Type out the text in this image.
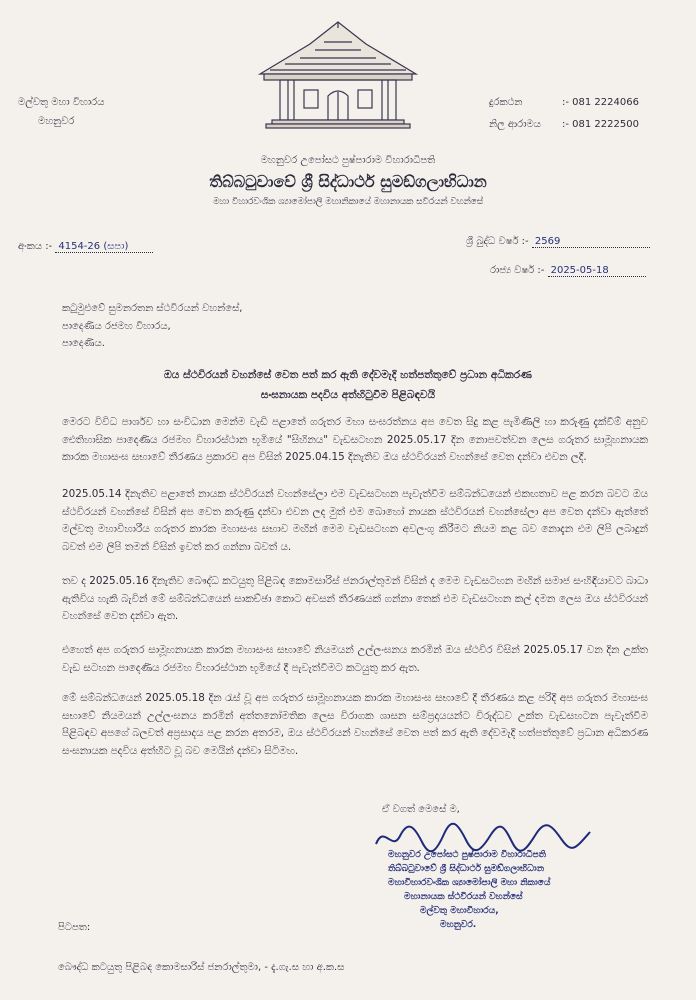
මල්වතු මහා විහාරය
මහනුවර
දුරකථන	:- 081 2224066
නිල ආරාමය :- 081 2222500
මහනුවර උපෝසථ පුෂ්පාරාම විහාරාධිපති
තිබ්බටුවාවේ ශ්‍රී සිද්ධාර්ථ සුමඞ්ගලාභිධාන
මහා විහාරවංශික ශ්‍යාමෝපාලි මහානිකායේ මහානායක සවිරයන් වහන්සේ
අංකය :- 4154-26 (සපා)	ශ්‍රී බුද්ධ වර්ෂ :- 2569
රාජ්‍ය වර්ෂ :- 2025-05-18
කටුමුළුවේ සුමනරතන ස්ථවිරයන් වහන්සේ,
පාදෙණිය රජමහ විහාරය,
පාදෙණිය.
ඔය ස්ථවිරයන් වහන්සේ වෙත පත් කර ඇති දේවමැදි හත්පත්තුවේ ප්‍රධාන අධිකරණ
සංඝනායක පදවිය අත්හිටුවීම පිළිබඳවයි
මෙරට විවිධ පාර්ශව හා සංවිධාන මෙන්ම වැඩි පළාතේ ගරුතර මහා සංඝරත්නය අප වෙත සිදු කළ පැමිණිලි හා කරුණු දැක්වීම් අනුව ඓතිහාසික පාදෙණිය රජමහ විහාරස්ථාන භූමියේ "සිහිනය" වැඩසටහන 2025.05.17 දින නොපවත්වන ලෙස ගරුතර සාමූහනායක කාරක මහාසංඝ සභාවේ තීරණය ප්‍රකාරව අප විසින් 2025.04.15 දිනැතිව ඔය ස්ථවිරයන් වහන්සේ වෙත දන්වා එවන ලදී.
2025.05.14 දිනැතිව පළාතේ නායක ස්ථවිරයන් වහන්සේලා එම වැඩසටහන පැවැත්වීම සම්බන්ධයෙන් එකඟතාව පළ කරන බවට ඔය ස්ථවිරයන් වහන්සේ විසින් අප වෙත කරුණු දන්වා එවන ලද මුත් එම බොහෝ නායක ස්ථවිරයන් වහන්සේලා අප වෙත දන්වා ඇත්තේ මල්වතු මහාවිහාරීය ගරුතර කාරක මහාසංඝ සභාව මඟින් මෙම වැඩසටහන අවලංගු කිරීමට නියම කළ බව නොදැන එම ලිපි ලබාදුන් බවත් එම ලිපි තමන් විසින් ඉවත් කර ගන්නා බවත් ය.
තව ද 2025.05.16 දිනැතිව බෞද්ධ කටයුතු පිළිබඳ කොමසාරිස් ජනරාල්තුමන් විසින් ද මෙම වැඩසටහන මඟින් සමාජ සංහිඳියාවට බාධා ඇතිවිය හැකි බැවින් මේ සම්බන්ධයෙන් සාකච්ඡා කොට අවසන් තීරණයක් ගන්නා තෙක් එම වැඩසටහන කල් දමන ලෙස ඔය ස්ථවිරයන් වහන්සේ වෙත දන්වා ඇත.
එහෙත් අප ගරුතර සාමූහනායක කාරක මහාසංඝ සභාවේ නියමයන් උල්ලංඝනය කරමින් ඔය ස්ථවිර විසින් 2025.05.17 වන දින උක්ත වැඩ සටහන පාදෙණිය රජමහ විහාරස්ථාන භූමියේ දී පැවැත්වීමට කටයුතු කර ඇත.
මේ සම්බන්ධයෙන් 2025.05.18 දින රැස් වූ අප ගරුතර සාමූහනායක කාරක මහාසංඝ සභාවේ දී තීරණය කළ පරිදි අප ගරුතර මහාසංඝ සභාවේ නියමයන් උල්ලංඝනය කරමින් අත්තනෝමතික ලෙස විරාගක ශාසන සම්ප්‍රදායයන්ට විරුද්ධව උක්ත වැඩසහටන පැවැත්වීම පිළිබඳව අපගේ බලවත් අප්‍රසාදය පළ කරන අතරම, ඔය ස්ථවිරයන් වහන්සේ වෙත පත් කර ඇති දේවමැදි හත්පත්තුවේ ප්‍රධාන අධිකරණ සංඝනායක පදවිය අත්හිට වූ බව මෙයින් දන්වා සිටිමහ.
ඒ වගත් මෙසේ ම,
මහනුවර උපෝසථ පුෂ්පාරාම විහාරාධිපති
තිබ්බටුවාවේ ශ්‍රී සිද්ධාර්ථ සුමඞ්ගලාභිධාන
මහාවිහාරවංශික ශ්‍යාමෝපාලි මහා නිකායේ
මහානායක ස්ථවිරයන් වහන්සේ
මල්වතු මහාවිහාරය,
මහනුවර.
පිටපත:
බෞද්ධ කටයුතු පිළිබඳ කොමසාරිස් ජනරාල්තුමා, - දැ.ගැ.ස හා අ.ක.ස
